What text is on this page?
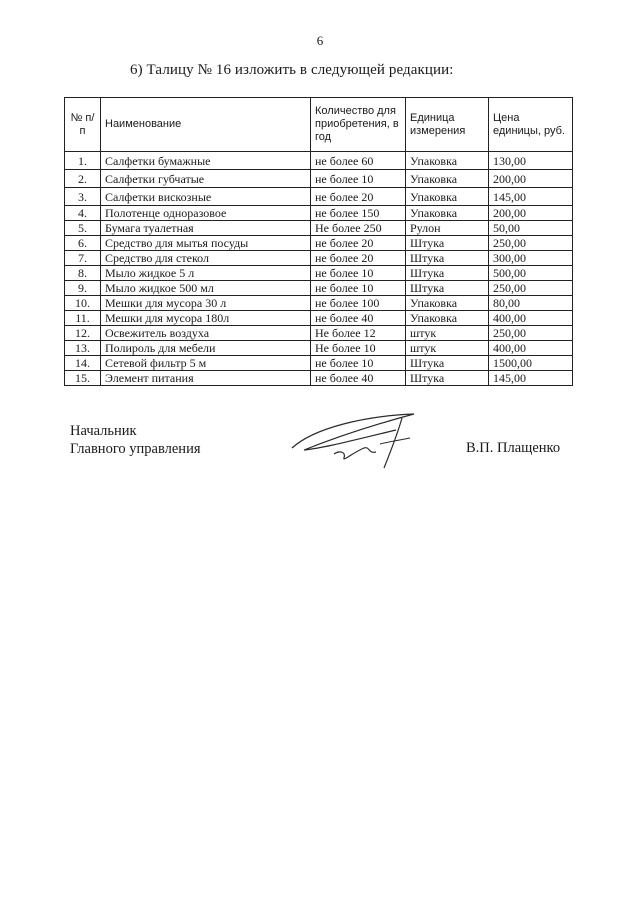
6
6) Талицу № 16 изложить в следующей редакции:
№ п/п	Наименование	Количество для приобретения, в год	Единица измерения	Цена единицы, руб.
1.	Салфетки бумажные	не более 60	Упаковка	130,00
2.	Салфетки губчатые	не более 10	Упаковка	200,00
3.	Салфетки вискозные	не более 20	Упаковка	145,00
4.	Полотенце одноразовое	не более 150	Упаковка	200,00
5.	Бумага туалетная	Не более 250	Рулон	50,00
6.	Средство для мытья посуды	не более 20	Штука	250,00
7.	Средство для стекол	не более 20	Штука	300,00
8.	Мыло жидкое 5 л	не более 10	Штука	500,00
9.	Мыло жидкое 500 мл	не более 10	Штука	250,00
10.	Мешки для мусора 30 л	не более 100	Упаковка	80,00
11.	Мешки для мусора 180л	не более 40	Упаковка	400,00
12.	Освежитель воздуха	Не более 12	штук	250,00
13.	Полироль для мебели	Не более 10	штук	400,00
14.	Сетевой фильтр 5 м	не более 10	Штука	1500,00
15.	Элемент питания	не более 40	Штука	145,00
Начальник
Главного управления	В.П. Плащенко
